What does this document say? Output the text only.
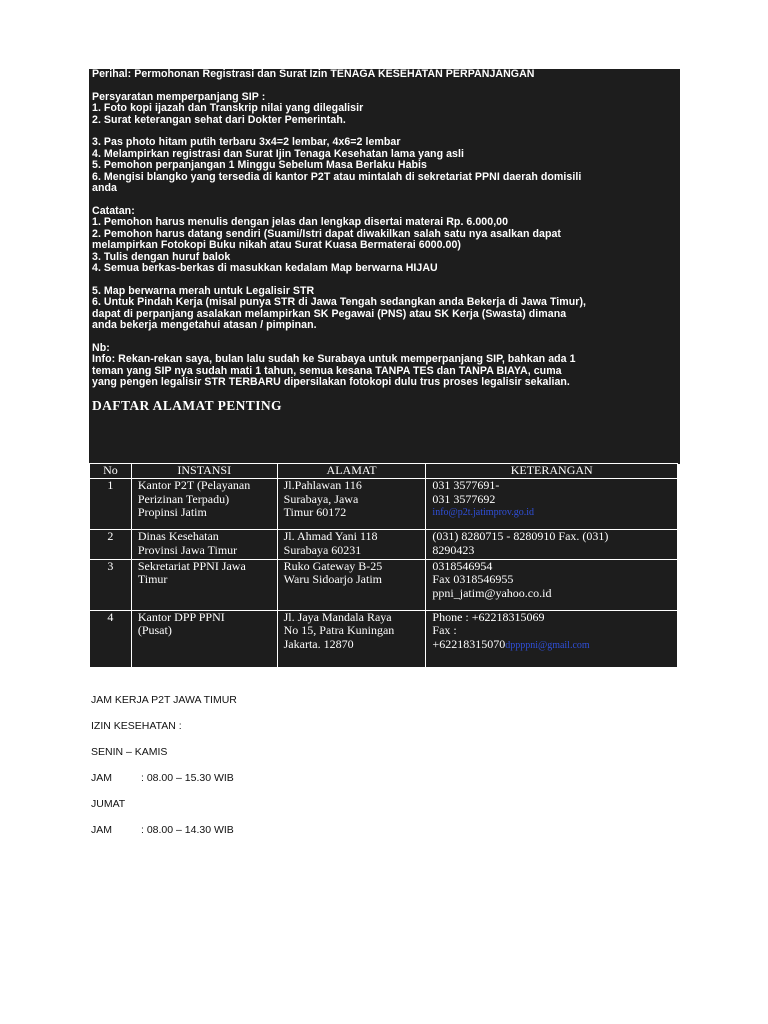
Perihal: Permohonan Registrasi dan Surat Izin TENAGA KESEHATAN PERPANJANGAN
Persyaratan memperpanjang SIP :
1. Foto kopi ijazah dan Transkrip nilai yang dilegalisir
2. Surat keterangan sehat dari Dokter Pemerintah.
3. Pas photo hitam putih terbaru 3x4=2 lembar, 4x6=2 lembar
4. Melampirkan registrasi dan Surat Ijin Tenaga Kesehatan lama yang asli
5. Pemohon perpanjangan 1 Minggu Sebelum Masa Berlaku Habis
6. Mengisi blangko yang tersedia di kantor P2T atau mintalah di sekretariat PPNI daerah domisili
anda
Catatan:
1. Pemohon harus menulis dengan jelas dan lengkap disertai materai Rp. 6.000,00
2. Pemohon harus datang sendiri (Suami/Istri dapat diwakilkan salah satu nya asalkan dapat
melampirkan Fotokopi Buku nikah atau Surat Kuasa Bermaterai 6000.00)
3. Tulis dengan huruf balok
4. Semua berkas-berkas di masukkan kedalam Map berwarna HIJAU
5. Map berwarna merah untuk Legalisir STR
6. Untuk Pindah Kerja (misal punya STR di Jawa Tengah sedangkan anda Bekerja di Jawa Timur),
dapat di perpanjang asalakan melampirkan SK Pegawai (PNS) atau SK Kerja (Swasta) dimana
anda bekerja mengetahui atasan / pimpinan.
Nb:
Info: Rekan-rekan saya, bulan lalu sudah ke Surabaya untuk memperpanjang SIP, bahkan ada 1
teman yang SIP nya sudah mati 1 tahun, semua kesana TANPA TES dan TANPA BIAYA, cuma
yang pengen legalisir STR TERBARU dipersilakan fotokopi dulu trus proses legalisir sekalian.
DAFTAR ALAMAT PENTING
No	INSTANSI	ALAMAT	KETERANGAN
1	Kantor P2T (Pelayanan
Perizinan Terpadu)
Propinsi Jatim	Jl.Pahlawan 116
Surabaya, Jawa
Timur 60172	031 3577691-
031 3577692
info@p2t.jatimprov.go.id

2	Dinas Kesehatan
Provinsi Jawa Timur	Jl. Ahmad Yani 118
Surabaya 60231	(031) 8280715 - 8280910 Fax. (031)
8290423

3	Sekretariat PPNI Jawa
Timur	Ruko Gateway B-25
Waru Sidoarjo Jatim	0318546954
Fax 0318546955
ppni_jatim@yahoo.co.id

4	Kantor DPP PPNI
(Pusat)	Jl. Jaya Mandala Raya
No 15, Patra Kuningan
Jakarta. 12870	Phone : +62218315069
Fax :
+62218315070dppppni@gmail.com
JAM KERJA P2T JAWA TIMUR
IZIN KESEHATAN :
SENIN – KAMIS
JAM	: 08.00 – 15.30 WIB
JUMAT
JAM	: 08.00 – 14.30 WIB
